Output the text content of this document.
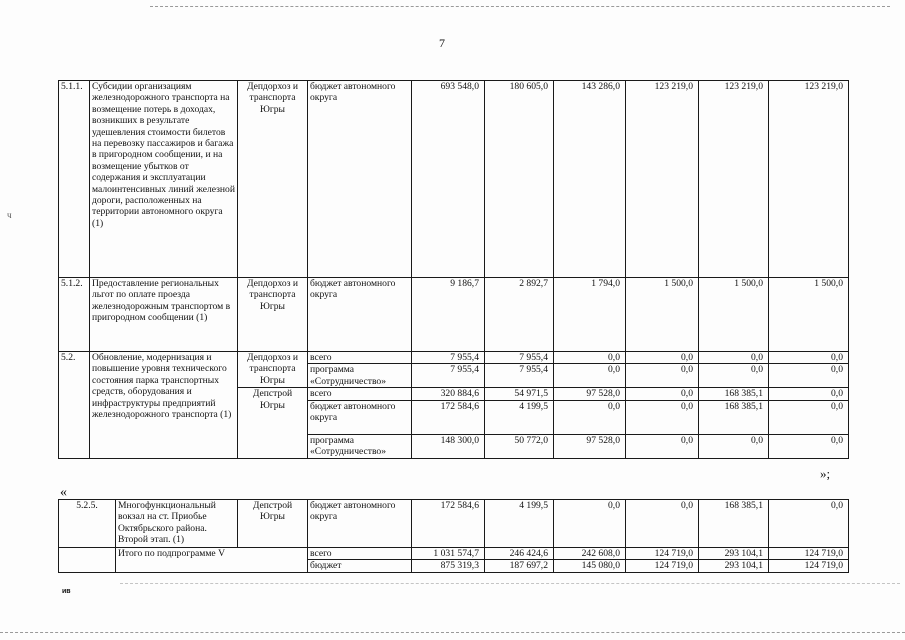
7
ч
5.1.1.	Субсидии организациям железнодорожного транспорта на возмещение потерь в доходах, возникших в результате удешевления стоимости билетов на перевозку пассажиров и багажа в пригородном сообщении, и на возмещение убытков от содержания и эксплуатации малоинтенсивных линий железной дороги, расположенных на территории автономного округа (1)	Депдорхоз и транспорта Югры	бюджет автономного округа	693 548,0	180 605,0	143 286,0	123 219,0	123 219,0	123 219,0
5.1.2.	Предоставление региональных льгот по оплате проезда железнодорожным транспортом в пригородном сообщении (1)	Депдорхоз и транспорта Югры	бюджет автономного округа	9 186,7	2 892,7	1 794,0	1 500,0	1 500,0	1 500,0
5.2.	Обновление, модернизация и повышение уровня технического состояния парка транспортных средств, оборудования и инфраструктуры предприятий железнодорожного транспорта (1)	Депдорхоз и транспорта Югры	всего	7 955,4	7 955,4	0,0	0,0	0,0	0,0
			программа «Сотрудничество»	7 955,4	7 955,4	0,0	0,0	0,0	0,0
		Депстрой Югры	всего	320 884,6	54 971,5	97 528,0	0,0	168 385,1	0,0
			бюджет автономного округа	172 584,6	4 199,5	0,0	0,0	168 385,1	0,0
			программа «Сотрудничество»	148 300,0	50 772,0	97 528,0	0,0	0,0	0,0
»;
«
5.2.5.	Многофункциональный вокзал на ст. Приобье Октябрьского района. Второй этап. (1)	Депстрой Югры	бюджет автономного округа	172 584,6	4 199,5	0,0	0,0	168 385,1	0,0
	Итого по подпрограмме V		всего	1 031 574,7	246 424,6	242 608,0	124 719,0	293 104,1	124 719,0
			бюджет	875 319,3	187 697,2	145 080,0	124 719,0	293 104,1	124 719,0
ив
